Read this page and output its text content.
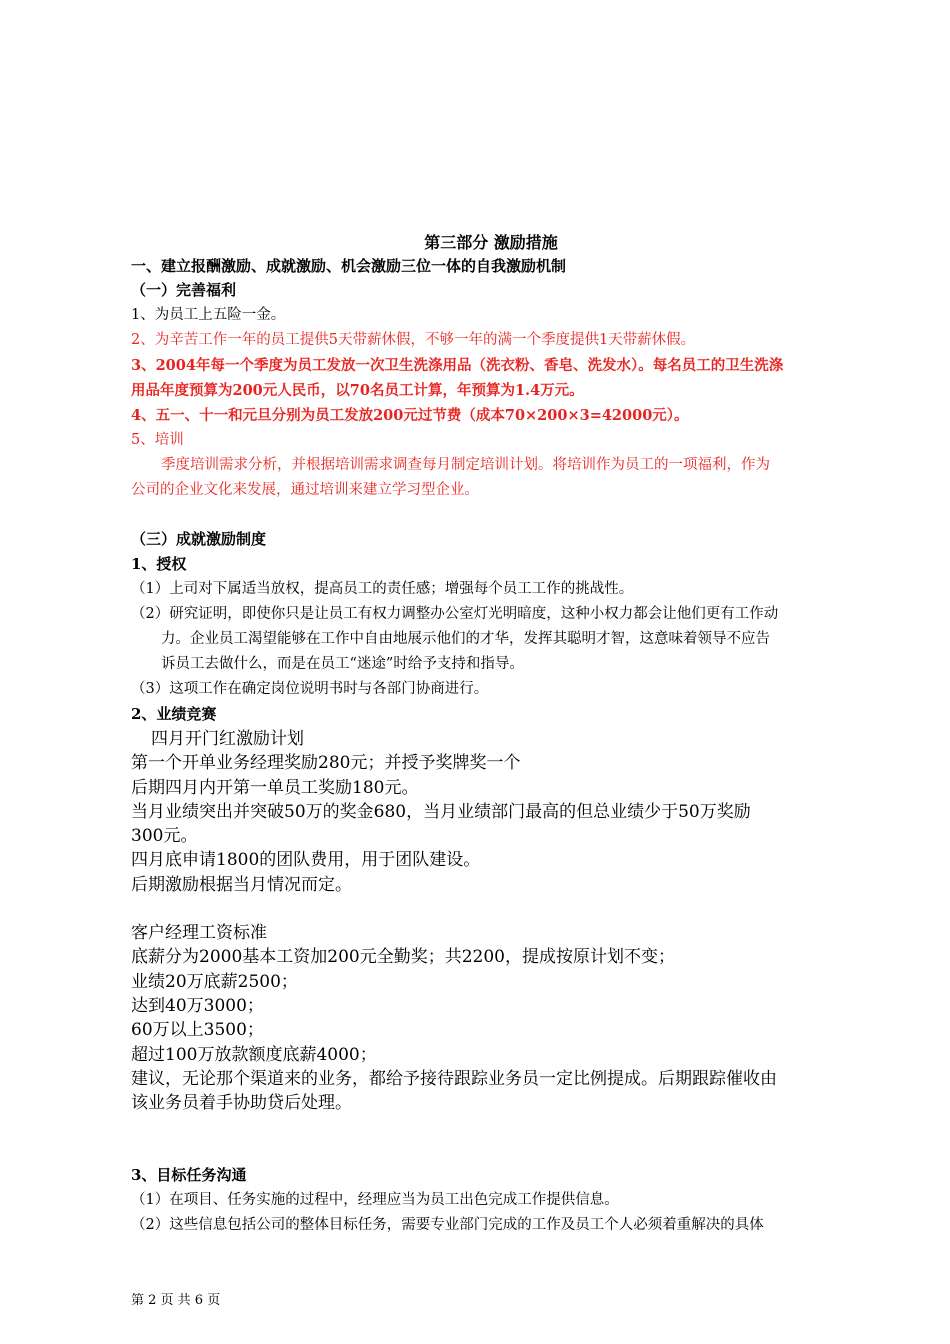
第三部分 激励措施
一、建立报酬激励、成就激励、机会激励三位一体的自我激励机制
（一）完善福利
1、为员工上五险一金。
2、为辛苦工作一年的员工提供5天带薪休假，不够一年的满一个季度提供1天带薪休假。
3、2004年每一个季度为员工发放一次卫生洗涤用品（洗衣粉、香皂、洗发水）。每名员工的卫生洗涤
用品年度预算为200元人民币，以70名员工计算，年预算为1.4万元。
4、五一、十一和元旦分别为员工发放200元过节费（成本70×200×3=42000元）。
5、培训
季度培训需求分析，并根据培训需求调查每月制定培训计划。将培训作为员工的一项福利，作为
公司的企业文化来发展，通过培训来建立学习型企业。
（三）成就激励制度
1、授权
（1）上司对下属适当放权，提高员工的责任感；增强每个员工工作的挑战性。
（2）研究证明，即使你只是让员工有权力调整办公室灯光明暗度，这种小权力都会让他们更有工作动
力。企业员工渴望能够在工作中自由地展示他们的才华，发挥其聪明才智，这意味着领导不应告
诉员工去做什么，而是在员工“迷途”时给予支持和指导。
（3）这项工作在确定岗位说明书时与各部门协商进行。
2、业绩竞赛
四月开门红激励计划
第一个开单业务经理奖励280元；并授予奖牌奖一个
后期四月内开第一单员工奖励180元。
当月业绩突出并突破50万的奖金680，当月业绩部门最高的但总业绩少于50万奖励
300元。
四月底申请1800的团队费用，用于团队建设。
后期激励根据当月情况而定。
客户经理工资标准
底薪分为2000基本工资加200元全勤奖；共2200，提成按原计划不变；
业绩20万底薪2500；
达到40万3000；
60万以上3500；
超过100万放款额度底薪4000；
建议，无论那个渠道来的业务，都给予接待跟踪业务员一定比例提成。后期跟踪催收由
该业务员着手协助贷后处理。
3、目标任务沟通
（1）在项目、任务实施的过程中，经理应当为员工出色完成工作提供信息。
（2）这些信息包括公司的整体目标任务，需要专业部门完成的工作及员工个人必须着重解决的具体
第 2 页 共 6 页
